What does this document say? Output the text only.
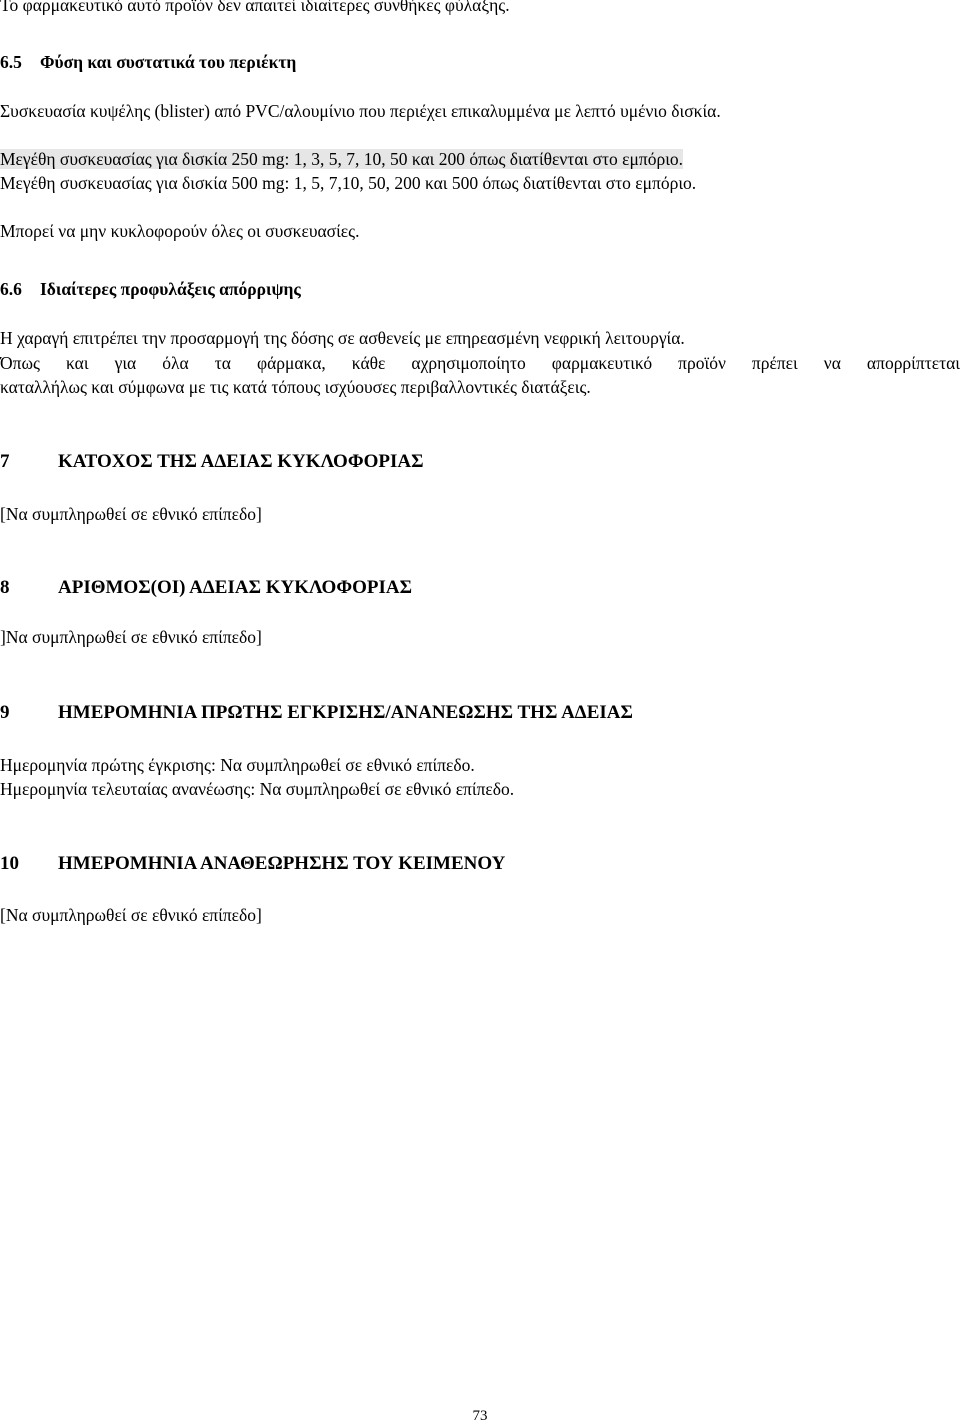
Το φαρμακευτικό αυτό προϊόν δεν απαιτεί ιδιαίτερες συνθήκες φύλαξης.
6.5 Φύση και συστατικά του περιέκτη
Συσκευασία κυψέλης (blister) από PVC/αλουμίνιο που περιέχει επικαλυμμένα με λεπτό υμένιο δισκία.
Μεγέθη συσκευασίας για δισκία 250 mg: 1, 3, 5, 7, 10, 50 και 200 όπως διατίθενται στο εμπόριο.
Μεγέθη συσκευασίας για δισκία 500 mg: 1, 5, 7,10, 50, 200 και 500 όπως διατίθενται στο εμπόριο.
Μπορεί να μην κυκλοφορούν όλες οι συσκευασίες.
6.6 Ιδιαίτερες προφυλάξεις απόρριψης
Η χαραγή επιτρέπει την προσαρμογή της δόσης σε ασθενείς με επηρεασμένη νεφρική λειτουργία.
Όπως και για όλα τα φάρμακα, κάθε αχρησιμοποίητο φαρμακευτικό προϊόν πρέπει να απορρίπτεται
καταλλήλως και σύμφωνα με τις κατά τόπους ισχύουσες περιβαλλοντικές διατάξεις.
7	ΚΑΤΟΧΟΣ ΤΗΣ ΑΔΕΙΑΣ ΚΥΚΛΟΦΟΡΙΑΣ
[Να συμπληρωθεί σε εθνικό επίπεδο]
8	ΑΡΙΘΜΟΣ(ΟΙ) ΑΔΕΙΑΣ ΚΥΚΛΟΦΟΡΙΑΣ
]Να συμπληρωθεί σε εθνικό επίπεδο]
9	ΗΜΕΡΟΜΗΝΙΑ ΠΡΩΤΗΣ ΕΓΚΡΙΣΗΣ/ΑΝΑΝΕΩΣΗΣ ΤΗΣ ΑΔΕΙΑΣ
Ημερομηνία πρώτης έγκρισης: Να συμπληρωθεί σε εθνικό επίπεδο.
Ημερομηνία τελευταίας ανανέωσης: Να συμπληρωθεί σε εθνικό επίπεδο.
10 ΗΜΕΡΟΜΗΝΙΑ ΑΝΑΘΕΩΡΗΣΗΣ ΤΟΥ ΚΕΙΜΕΝΟΥ
[Να συμπληρωθεί σε εθνικό επίπεδο]
73
